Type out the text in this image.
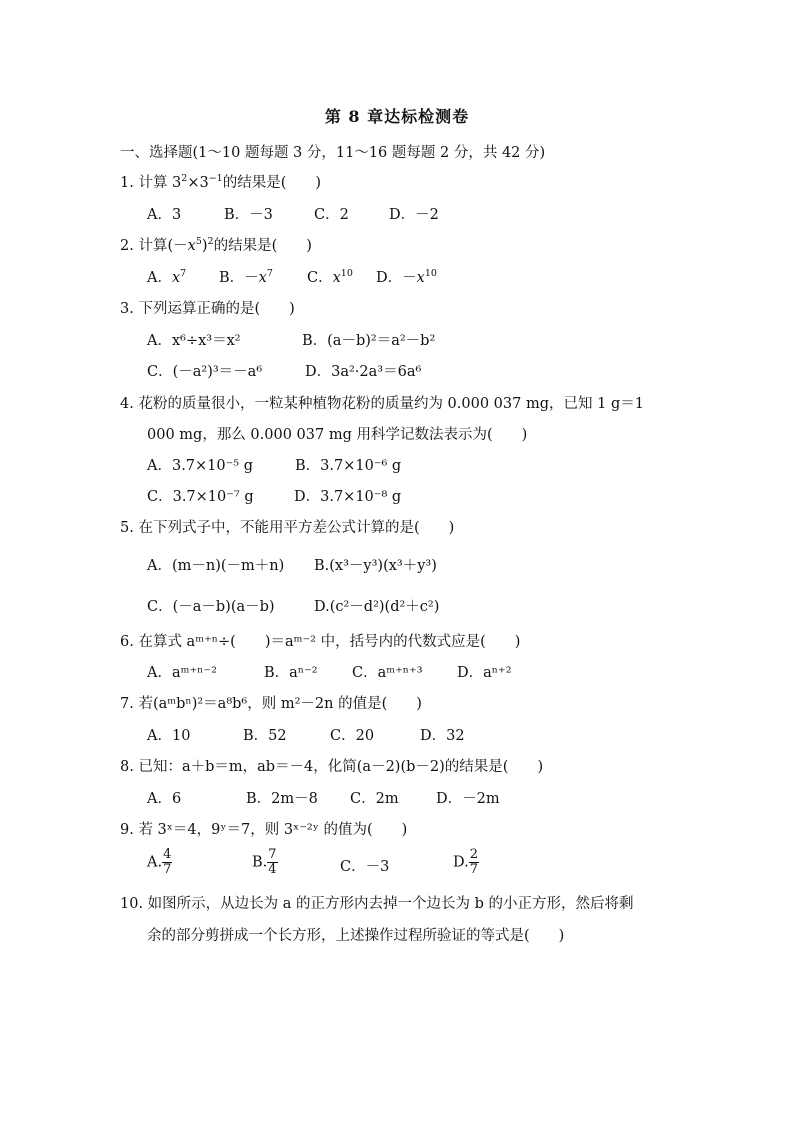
第 8 章达标检测卷
一、选择题(1～10 题每题 3 分，11～16 题每题 2 分，共 42 分)
1. 计算 $3^2\times 3^{-1}$的结果是(　　)
A．3	B．－3	C．2	D．－2
2. 计算$(-x^5)^2$的结果是(　　)
A．$x^7$ B．$-x^7$ C．$x^{10}$ D．$-x^{10}$
3. 下列运算正确的是(　　)
A．x⁶÷x³＝x²	B．(a－b)²＝a²－b²
C．(－a²)³＝－a⁶	D．3a²·2a³＝6a⁶
4. 花粉的质量很小，一粒某种植物花粉的质量约为 0.000 037 mg，已知 1 g＝1
000 mg，那么 0.000 037 mg 用科学记数法表示为(　　)
A．3.7×10⁻⁵ g	B．3.7×10⁻⁶ g
C．3.7×10⁻⁷ g	D．3.7×10⁻⁸ g
5. 在下列式子中，不能用平方差公式计算的是(　　)
A．(m－n)(－m＋n) B.(x³－y³)(x³＋y³)
C．(－a－b)(a－b)	D.(c²－d²)(d²＋c²)
6. 在算式 aᵐ⁺ⁿ÷(　　)＝aᵐ⁻² 中，括号内的代数式应是(　　)
A．aᵐ⁺ⁿ⁻²	B．aⁿ⁻² C．aᵐ⁺ⁿ⁺³ D．aⁿ⁺²
7. 若(aᵐbⁿ)²＝a⁸b⁶，则 m²－2n 的值是(　　)
A．10	B．52	C．20	D．32
8. 已知：a＋b＝m，ab＝－4，化简(a－2)(b－2)的结果是(　　)
A．6	B．2m－8 C．2m	D．－2m
9. 若 3ˣ＝4，9ʸ＝7，则 3ˣ⁻²ʸ 的值为(　　)
A. $\frac{4}{7}$	B. $\frac{7}{4}$	C．－3	D. $\frac{2}{7}$
10. 如图所示，从边长为 a 的正方形内去掉一个边长为 b 的小正方形，然后将剩
余的部分剪拼成一个长方形，上述操作过程所验证的等式是(　　)
